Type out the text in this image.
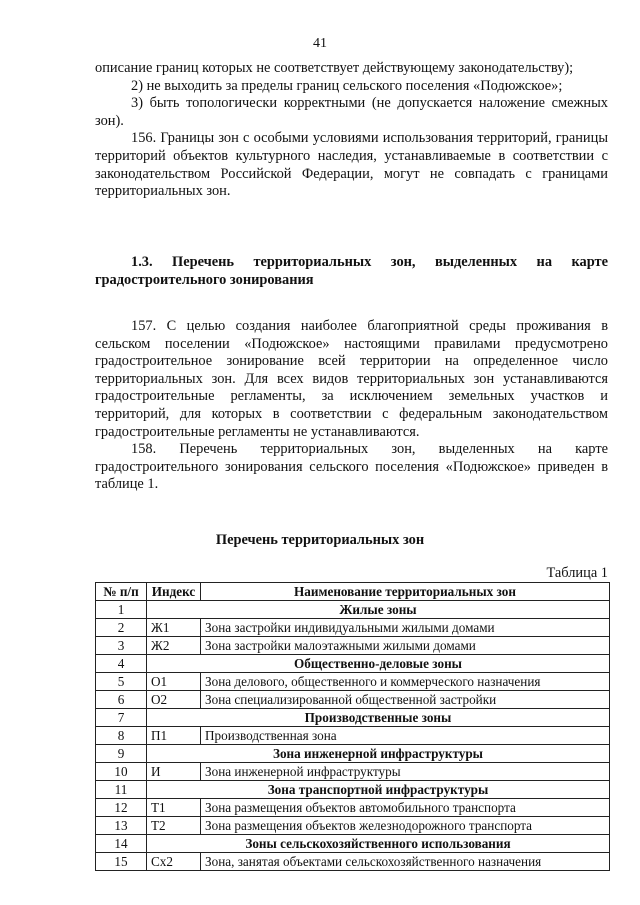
41

описание границ которых не соответствует действующему законодательству);

2) не выходить за пределы границ сельского поселения «Подюжское»;

3) быть топологически корректными (не допускается наложение смежных зон).

156. Границы зон с особыми условиями использования территорий, границы территорий объектов культурного наследия, устанавливаемые в соответствии с законодательством Российской Федерации, могут не совпадать с границами территориальных зон.

1.3. Перечень территориальных зон, выделенных на карте градостроительного зонирования

157. С целью создания наиболее благоприятной среды проживания в сельском поселении «Подюжское» настоящими правилами предусмотрено градостроительное зонирование всей территории на определенное число территориальных зон. Для всех видов территориальных зон устанавливаются градостроительные регламенты, за исключением земельных участков и территорий, для которых в соответствии с федеральным законодательством градостроительные регламенты не устанавливаются.

158. Перечень территориальных зон, выделенных на карте градостроительного зонирования сельского поселения «Подюжское» приведен в таблице 1.

Перечень территориальных зон
Таблица 1
№ п/п	Индекс	Наименование территориальных зон
1	Жилые зоны	
2	Ж1	Зона застройки индивидуальными жилыми домами
3	Ж2	Зона застройки малоэтажными жилыми домами
4	Общественно-деловые зоны	
5	О1	Зона делового, общественного и коммерческого назначения
6	О2	Зона специализированной общественной застройки
7	Производственные зоны	
8	П1	Производственная зона
9	Зона инженерной инфраструктуры	
10	И	Зона инженерной инфраструктуры
11	Зона транспортной инфраструктуры	
12	Т1	Зона размещения объектов автомобильного транспорта
13	Т2	Зона размещения объектов железнодорожного транспорта
14	Зоны сельскохозяйственного использования	
15	Сх2	Зона, занятая объектами сельскохозяйственного назначения
